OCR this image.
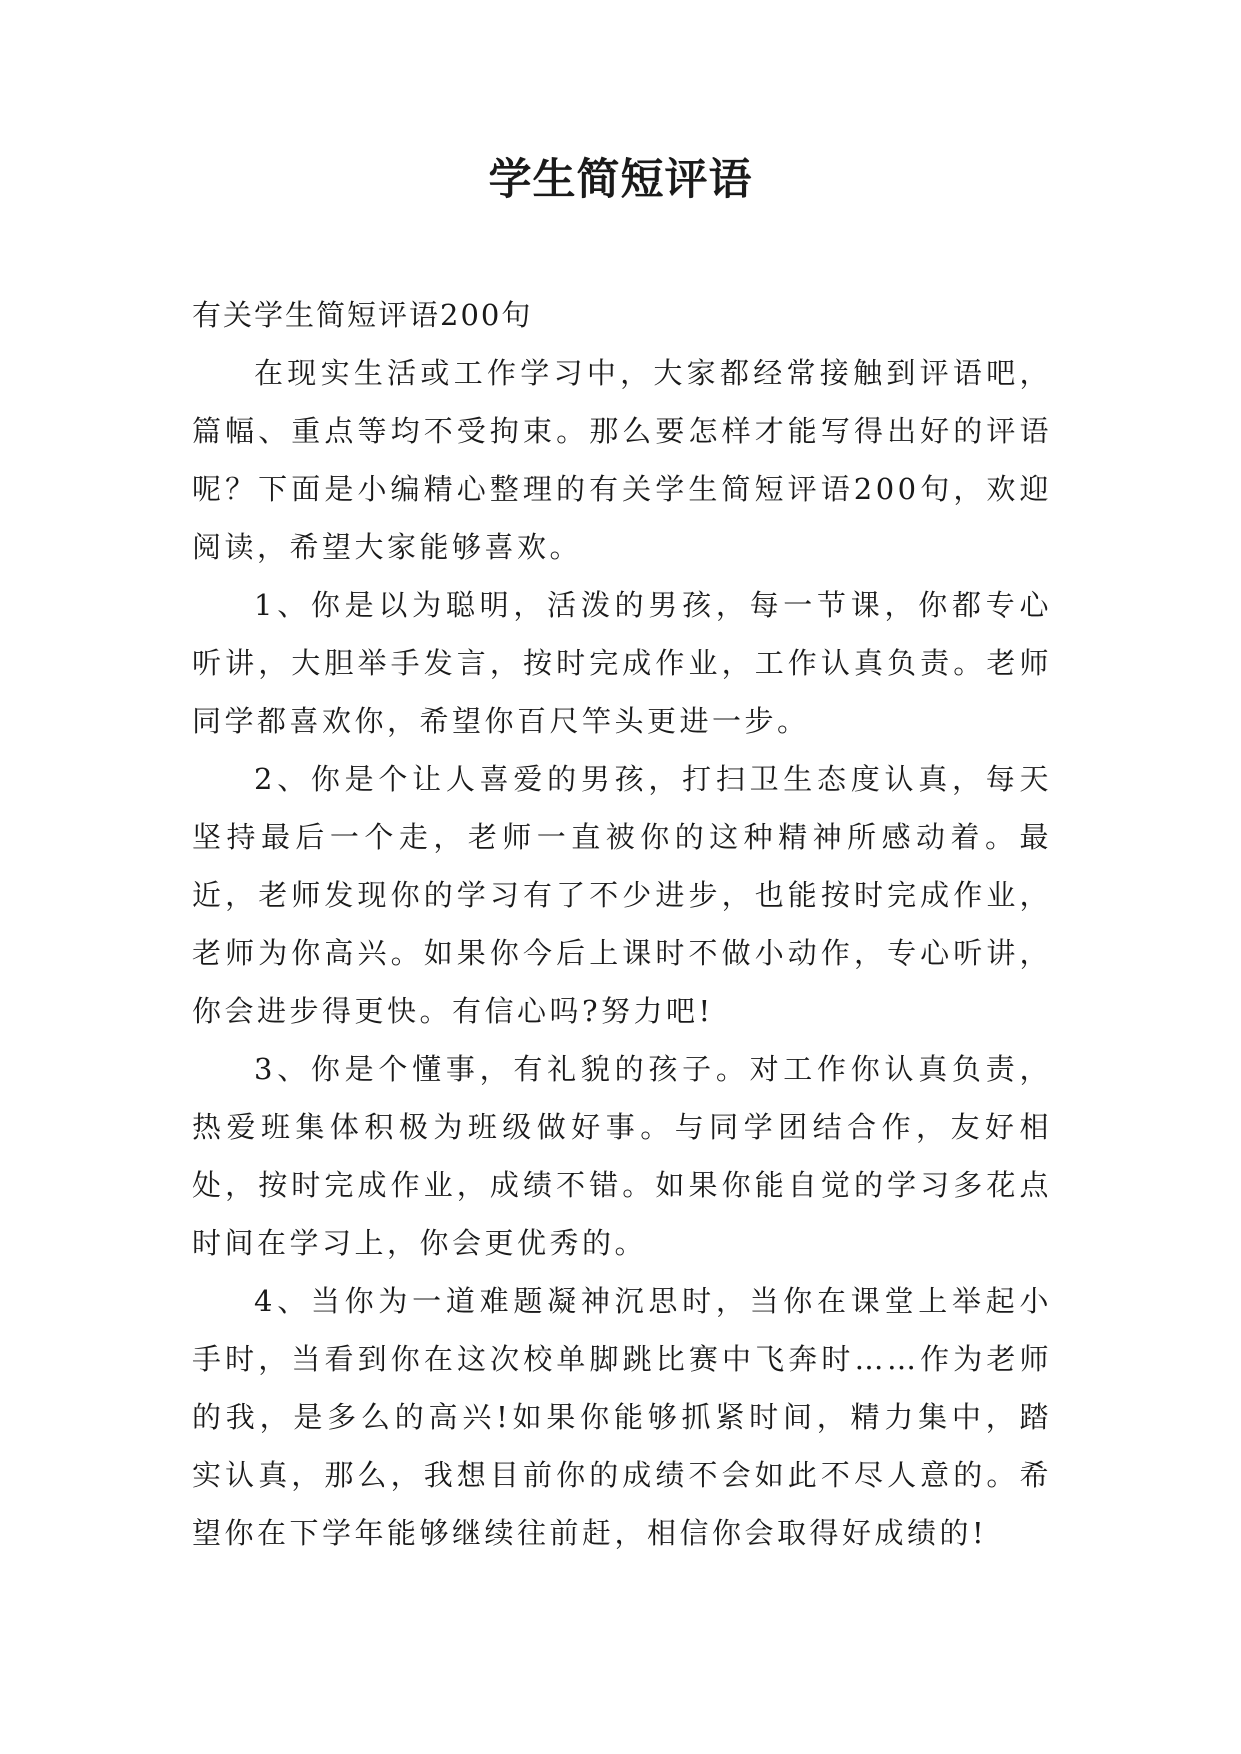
学生简短评语

有关学生简短评语200句

在现实生活或工作学习中，大家都经常接触到评语吧，篇幅、重点等均不受拘束。那么要怎样才能写得出好的评语呢？下面是小编精心整理的有关学生简短评语200句，欢迎阅读，希望大家能够喜欢。

1、你是以为聪明，活泼的男孩，每一节课，你都专心听讲，大胆举手发言，按时完成作业，工作认真负责。老师同学都喜欢你，希望你百尺竿头更进一步。

2、你是个让人喜爱的男孩，打扫卫生态度认真，每天坚持最后一个走，老师一直被你的这种精神所感动着。最近，老师发现你的学习有了不少进步，也能按时完成作业，老师为你高兴。如果你今后上课时不做小动作，专心听讲，你会进步得更快。有信心吗?努力吧!

3、你是个懂事，有礼貌的孩子。对工作你认真负责，热爱班集体积极为班级做好事。与同学团结合作，友好相处，按时完成作业，成绩不错。如果你能自觉的学习多花点时间在学习上，你会更优秀的。

4、当你为一道难题凝神沉思时，当你在课堂上举起小手时，当看到你在这次校单脚跳比赛中飞奔时……作为老师的我，是多么的高兴!如果你能够抓紧时间，精力集中，踏实认真，那么，我想目前你的成绩不会如此不尽人意的。希望你在下学年能够继续往前赶，相信你会取得好成绩的!
